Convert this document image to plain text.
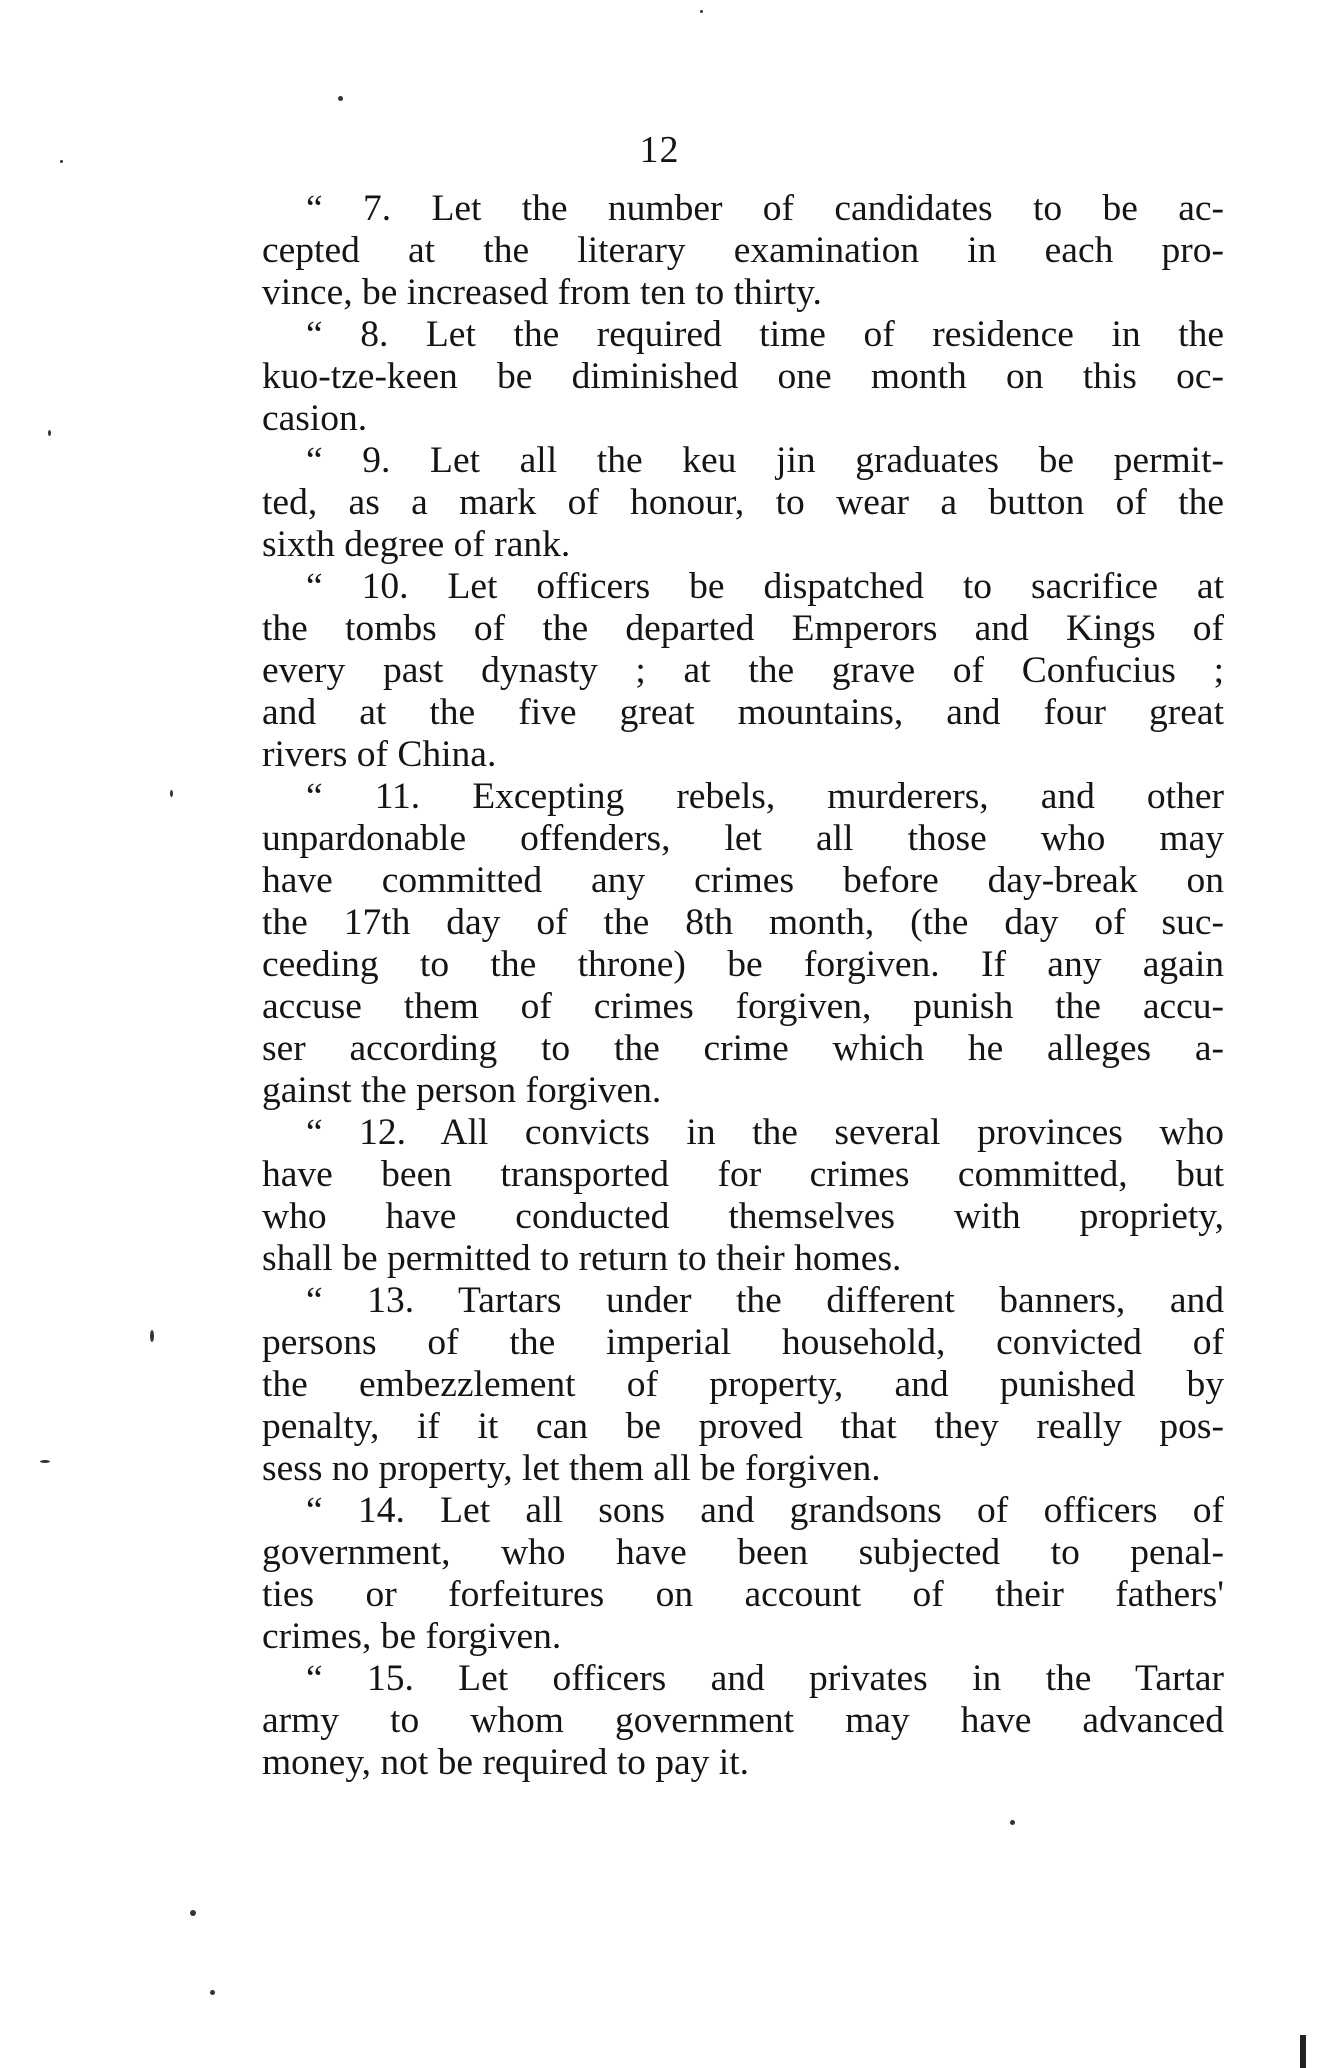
12

“ 7. Let the number of candidates to be ac-
cepted at the literary examination in each pro-
vince, be increased from ten to thirty.

“ 8. Let the required time of residence in the
kuo-tze-keen be diminished one month on this oc-
casion.

“ 9. Let all the keu jin graduates be permit-
ted, as a mark of honour, to wear a button of the
sixth degree of rank.

“ 10. Let officers be dispatched to sacrifice at
the tombs of the departed Emperors and Kings of
every past dynasty ; at the grave of Confucius ;
and at the five great mountains, and four great
rivers of China.

“ 11. Excepting rebels, murderers, and other
unpardonable offenders, let all those who may
have committed any crimes before day-break on
the 17th day of the 8th month, (the day of suc-
ceeding to the throne) be forgiven. If any again
accuse them of crimes forgiven, punish the accu-
ser according to the crime which he alleges a-
gainst the person forgiven.

“ 12. All convicts in the several provinces who
have been transported for crimes committed, but
who have conducted themselves with propriety,
shall be permitted to return to their homes.

“ 13. Tartars under the different banners, and
persons of the imperial household, convicted of
the embezzlement of property, and punished by
penalty, if it can be proved that they really pos-
sess no property, let them all be forgiven.

“ 14. Let all sons and grandsons of officers of
government, who have been subjected to penal-
ties or forfeitures on account of their fathers'
crimes, be forgiven.

“ 15. Let officers and privates in the Tartar
army to whom government may have advanced
money, not be required to pay it.
